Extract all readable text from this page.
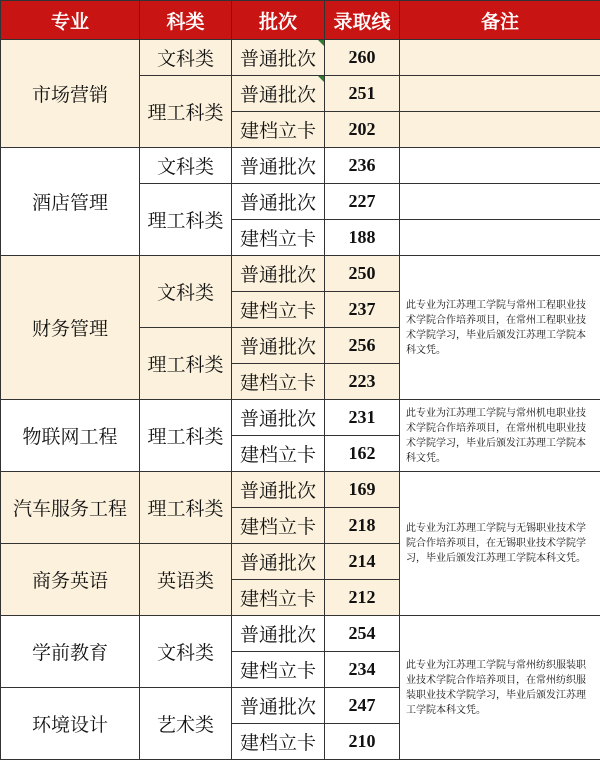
专业	科类	批次	录取线	备注
市场营销	文科类	普通批次	260	
	理工科类	普通批次	251	
		建档立卡	202	
酒店管理	文科类	普通批次	236	
	理工科类	普通批次	227	
		建档立卡	188	
财务管理	文科类	普通批次	250	此专业为江苏理工学院与常州工程职业技术学院合作培养项目，在常州工程职业技术学院学习，毕业后颁发江苏理工学院本科文凭。
		建档立卡	237	
	理工科类	普通批次	256	
		建档立卡	223	
物联网工程	理工科类	普通批次	231	此专业为江苏理工学院与常州机电职业技术学院合作培养项目，在常州机电职业技术学院学习，毕业后颁发江苏理工学院本科文凭。
		建档立卡	162	
汽车服务工程	理工科类	普通批次	169	此专业为江苏理工学院与无锡职业技术学院合作培养项目，在无锡职业技术学院学习，毕业后颁发江苏理工学院本科文凭。
		建档立卡	218	
商务英语	英语类	普通批次	214	
		建档立卡	212	
学前教育	文科类	普通批次	254	此专业为江苏理工学院与常州纺织服装职业技术学院合作培养项目，在常州纺织服装职业技术学院学习，毕业后颁发江苏理工学院本科文凭。
		建档立卡	234	
环境设计	艺术类	普通批次	247	
		建档立卡	210	
